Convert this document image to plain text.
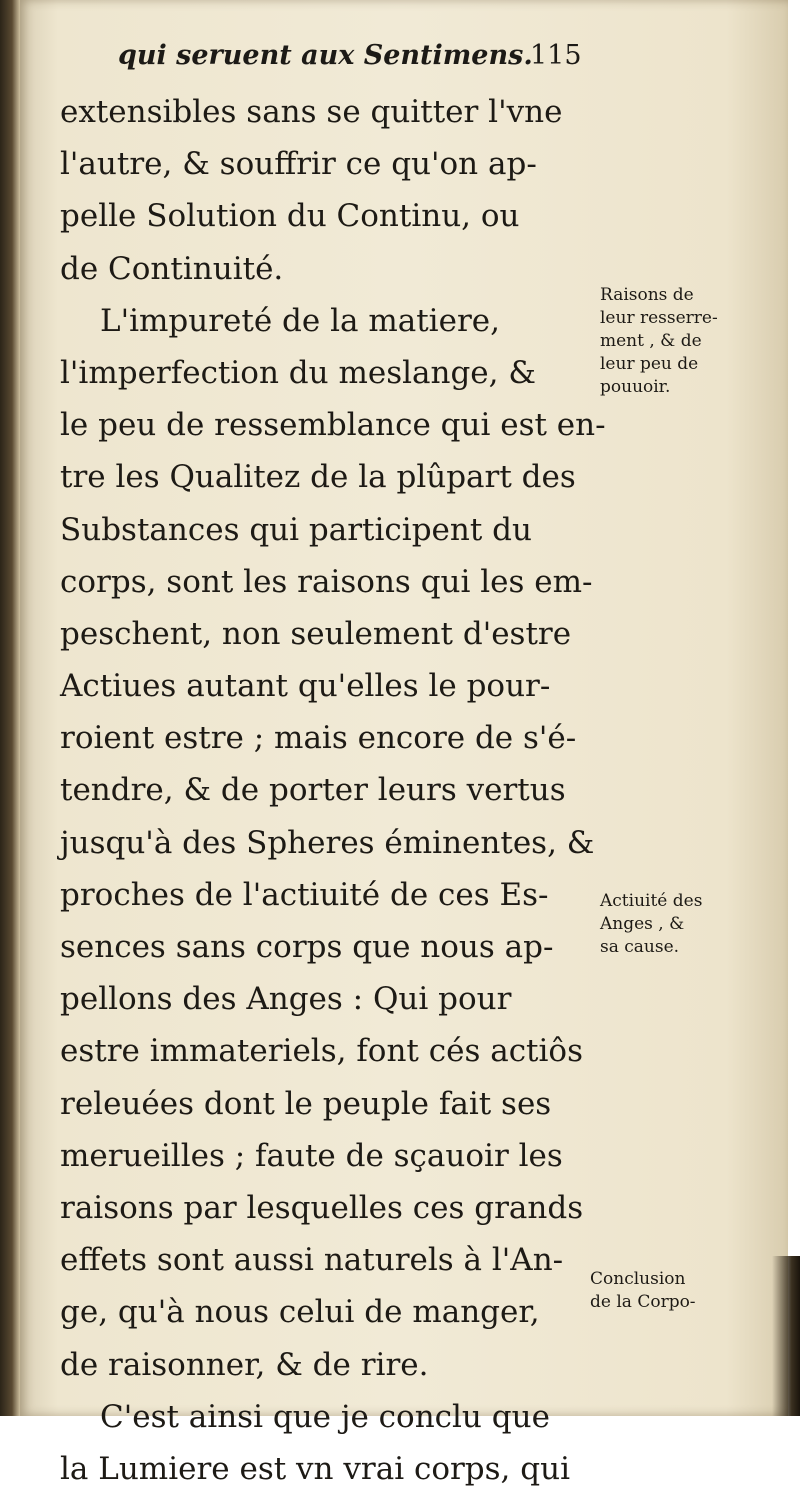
qui seruent aux Sentimens.
115
extensibles sans se quitter l'vne
l'autre, & souffrir ce qu'on ap-
pelle Solution du Continu, ou
de Continuité.
L'impureté de la matiere,
l'imperfection du meslange, &
le peu de ressemblance qui est en-
tre les Qualitez de la plûpart des
Substances qui participent du
corps, sont les raisons qui les em-
peschent, non seulement d'estre
Actiues autant qu'elles le pour-
roient estre ; mais encore de s'é-
tendre, & de porter leurs vertus
jusqu'à des Spheres éminentes, &
proches de l'actiuité de ces Es-
sences sans corps que nous ap-
pellons des Anges : Qui pour
estre immateriels, font cés actiôs
releuées dont le peuple fait ses
merueilles ; faute de sçauoir les
raisons par lesquelles ces grands
effets sont aussi naturels à l'An-
ge, qu'à nous celui de manger,
de raisonner, & de rire.
C'est ainsi que je conclu que
la Lumiere est vn vrai corps, qui
Raisons de
leur resserre-
ment , & de
leur peu de
pouuoir.
Actiuité des
Anges , &
sa cause.
Conclusion
de la Corpo-
